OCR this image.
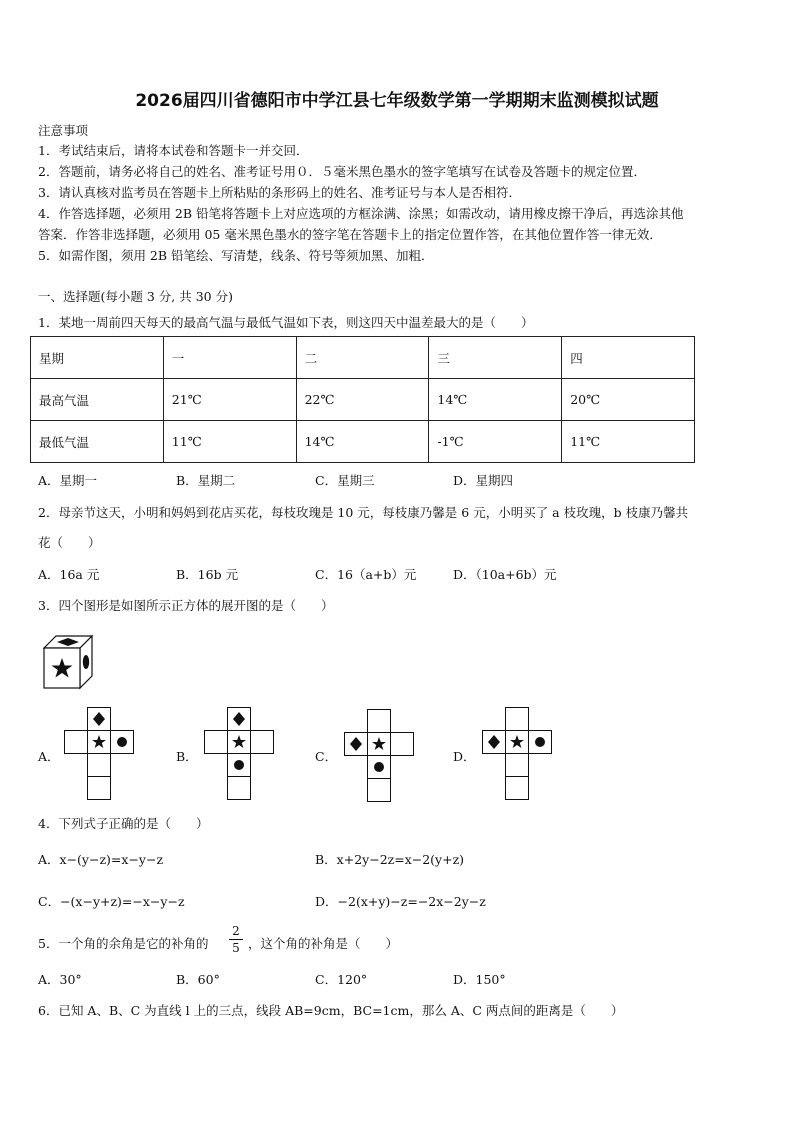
2026届四川省德阳市中学江县七年级数学第一学期期末监测模拟试题
注意事项
1．考试结束后，请将本试卷和答题卡一并交回．
2．答题前，请务必将自己的姓名、准考证号用０．５毫米黑色墨水的签字笔填写在试卷及答题卡的规定位置．
3．请认真核对监考员在答题卡上所粘贴的条形码上的姓名、准考证号与本人是否相符．
4．作答选择题，必须用 2B 铅笔将答题卡上对应选项的方框涂满、涂黑；如需改动，请用橡皮擦干净后，再选涂其他
答案．作答非选择题，必须用 05 毫米黑色墨水的签字笔在答题卡上的指定位置作答，在其他位置作答一律无效．
5．如需作图，须用 2B 铅笔绘、写清楚，线条、符号等须加黑、加粗．
一、选择题(每小题 3 分, 共 30 分)
1．某地一周前四天每天的最高气温与最低气温如下表，则这四天中温差最大的是（　　）
星期	一	二	三	四
最高气温	21℃	22℃	14℃	20℃
最低气温	11℃	14℃	-1℃	11℃
A．星期一	B．星期二	C．星期三	D．星期四
2．母亲节这天，小明和妈妈到花店买花，每枝玫瑰是 10 元，每枝康乃馨是 6 元，小明买了 a 枝玫瑰，b 枝康乃馨共
花（　　）
A．16a 元	B．16b 元	C．16（a+b）元	D．（10a+6b）元
3．四个图形是如图所示正方体的展开图的是（　　）
A．	B．	C．	D．
4．下列式子正确的是（　　）
A．x−(y−z)=x−y−z	B．x+2y−2z=x−2(y+z)
C．−(x−y+z)=−x−y−z	D．−2(x+y)−z=−2x−2y−z
5．一个角的余角是它的补角的
2
5 ，这个角的补角是（　　）
A．30°	B．60°	C．120°	D．150°
6．已知 A、B、C 为直线 l 上的三点，线段 AB=9cm，BC=1cm，那么 A、C 两点间的距离是（　　）
